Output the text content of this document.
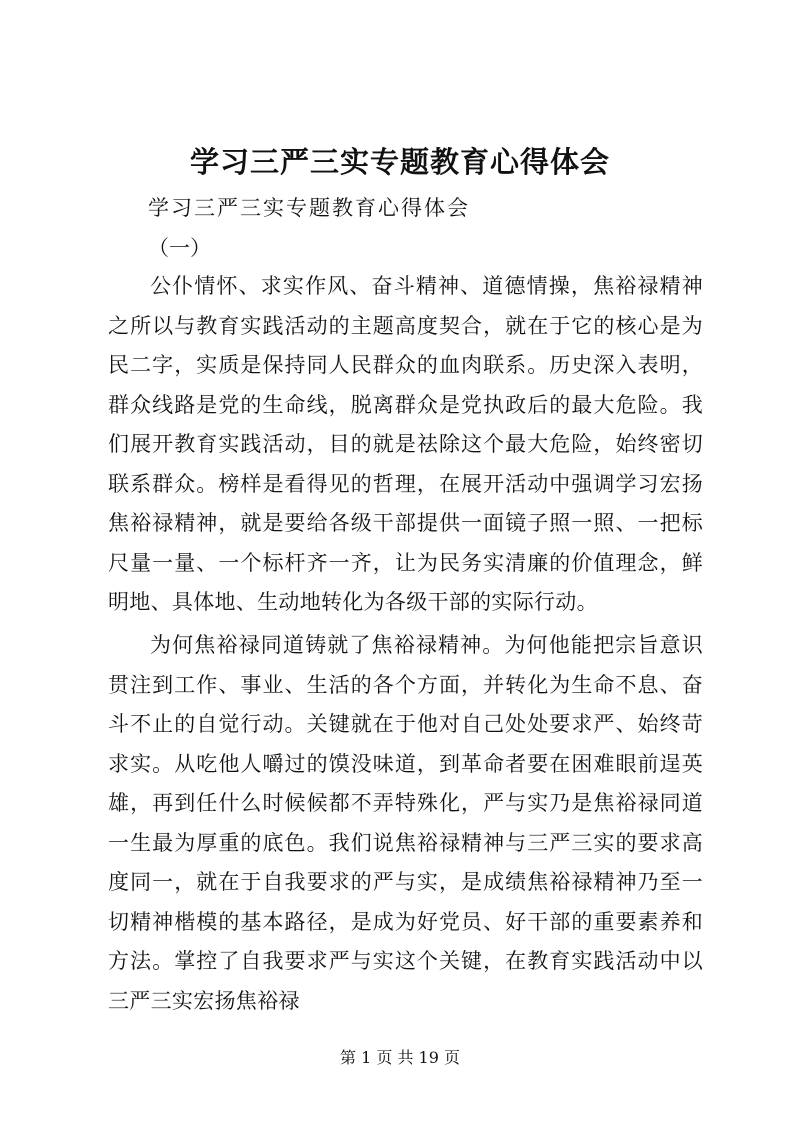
学习三严三实专题教育心得体会
学习三严三实专题教育心得体会
（一）

公仆情怀、求实作风、奋斗精神、道德情操，焦裕禄精神之所以与教育实践活动的主题高度契合，就在于它的核心是为民二字，实质是保持同人民群众的血肉联系。历史深入表明，群众线路是党的生命线，脱离群众是党执政后的最大危险。我们展开教育实践活动，目的就是祛除这个最大危险，始终密切联系群众。榜样是看得见的哲理，在展开活动中强调学习宏扬焦裕禄精神，就是要给各级干部提供一面镜子照一照、一把标尺量一量、一个标杆齐一齐，让为民务实清廉的价值理念，鲜明地、具体地、生动地转化为各级干部的实际行动。

为何焦裕禄同道铸就了焦裕禄精神。为何他能把宗旨意识贯注到工作、事业、生活的各个方面，并转化为生命不息、奋斗不止的自觉行动。关键就在于他对自己处处要求严、始终苛求实。从吃他人嚼过的馍没味道，到革命者要在困难眼前逞英雄，再到任什么时候候都不弄特殊化，严与实乃是焦裕禄同道一生最为厚重的底色。我们说焦裕禄精神与三严三实的要求高度同一，就在于自我要求的严与实，是成绩焦裕禄精神乃至一切精神楷模的基本路径，是成为好党员、好干部的重要素养和方法。掌控了自我要求严与实这个关键，在教育实践活动中以三严三实宏扬焦裕禄

第 1 页 共 19 页
